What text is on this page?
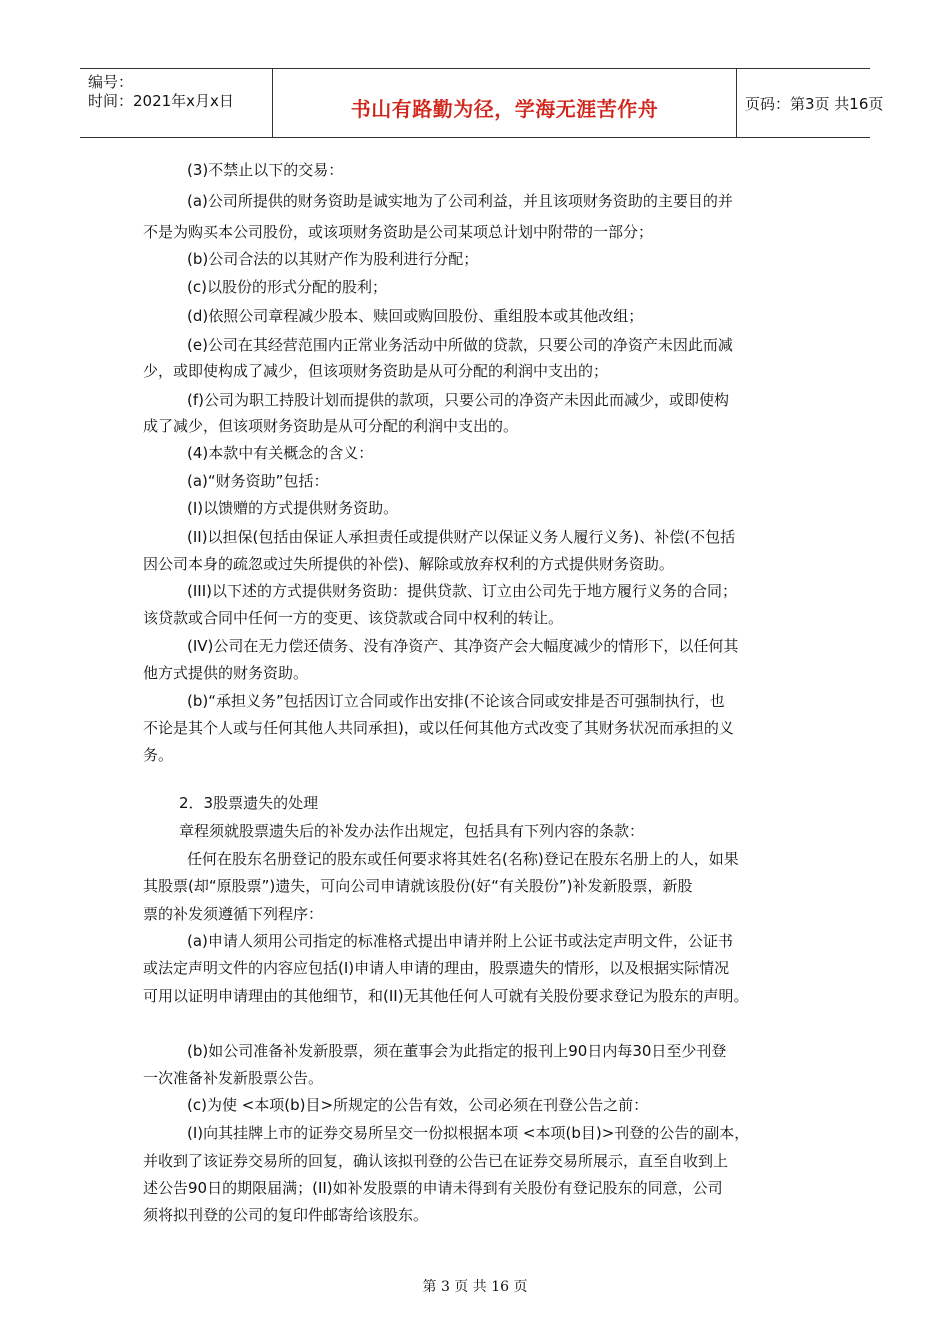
编号：
时间：2021年x月x日	书山有路勤为径，学海无涯苦作舟	页码：第3页 共16页
(3)不禁止以下的交易：
(a)公司所提供的财务资助是诚实地为了公司利益，并且该项财务资助的主要目的并
不是为购买本公司股份，或该项财务资助是公司某项总计划中附带的一部分；
(b)公司合法的以其财产作为股利进行分配；
(c)以股份的形式分配的股利；
(d)依照公司章程减少股本、赎回或购回股份、重组股本或其他改组；
(e)公司在其经营范围内正常业务活动中所做的贷款，只要公司的净资产未因此而减
少，或即使构成了减少，但该项财务资助是从可分配的利润中支出的；
(f)公司为职工持股计划而提供的款项，只要公司的净资产未因此而减少，或即使构
成了减少，但该项财务资助是从可分配的利润中支出的。
(4)本款中有关概念的含义：
(a)“财务资助”包括：
(I)以馈赠的方式提供财务资助。
(II)以担保(包括由保证人承担责任或提供财产以保证义务人履行义务)、补偿(不包括
因公司本身的疏忽或过失所提供的补偿)、解除或放弃权利的方式提供财务资助。
(III)以下述的方式提供财务资助：提供贷款、订立由公司先于地方履行义务的合同；
该贷款或合同中任何一方的变更、该贷款或合同中权利的转让。
(IV)公司在无力偿还债务、没有净资产、其净资产会大幅度减少的情形下，以任何其
他方式提供的财务资助。
(b)“承担义务”包括因订立合同或作出安排(不论该合同或安排是否可强制执行，也
不论是其个人或与任何其他人共同承担)，或以任何其他方式改变了其财务状况而承担的义
务。
2．3股票遗失的处理
章程须就股票遗失后的补发办法作出规定，包括具有下列内容的条款：
任何在股东名册登记的股东或任何要求将其姓名(名称)登记在股东名册上的人，如果
其股票(却“原股票”)遗失，可向公司申请就该股份(好“有关股份”)补发新股票，新股
票的补发须遵循下列程序：
(a)申请人须用公司指定的标准格式提出申请并附上公证书或法定声明文件，公证书
或法定声明文件的内容应包括(I)申请人申请的理由，股票遗失的情形，以及根据实际情况
可用以证明申请理由的其他细节，和(II)无其他任何人可就有关股份要求登记为股东的声明。
(b)如公司准备补发新股票，须在董事会为此指定的报刊上90日内每30日至少刊登
一次准备补发新股票公告。
(c)为使 <本项(b)目>所规定的公告有效，公司必须在刊登公告之前：
(I)向其挂牌上市的证券交易所呈交一份拟根据本项 <本项(b目)>刊登的公告的副本，
并收到了该证券交易所的回复，确认该拟刊登的公告已在证券交易所展示，直至自收到上
述公告90日的期限届满；(II)如补发股票的申请未得到有关股份有登记股东的同意，公司
须将拟刊登的公司的复印件邮寄给该股东。
第 3 页 共 16 页
